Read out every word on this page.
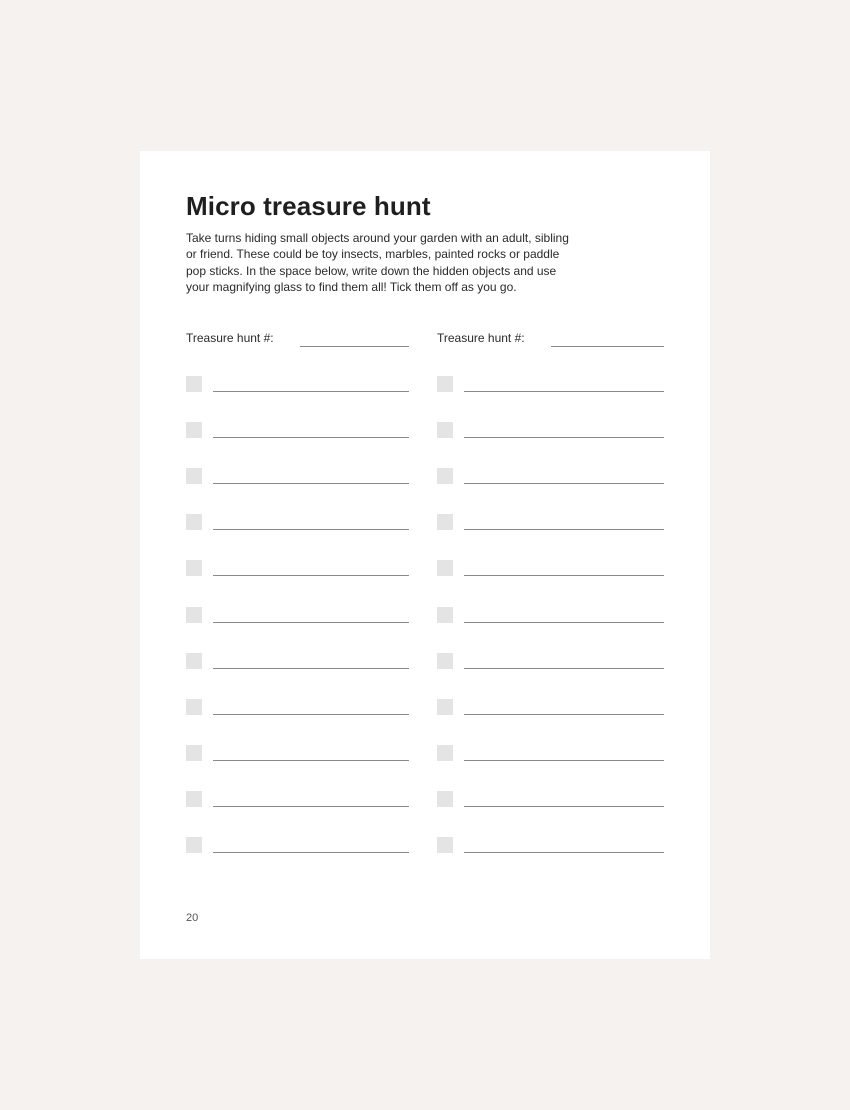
Micro treasure hunt

Take turns hiding small objects around your garden with an adult, sibling
or friend. These could be toy insects, marbles, painted rocks or paddle
pop sticks. In the space below, write down the hidden objects and use
your magnifying glass to find them all! Tick them off as you go.

Treasure hunt #:	Treasure hunt #:
20
